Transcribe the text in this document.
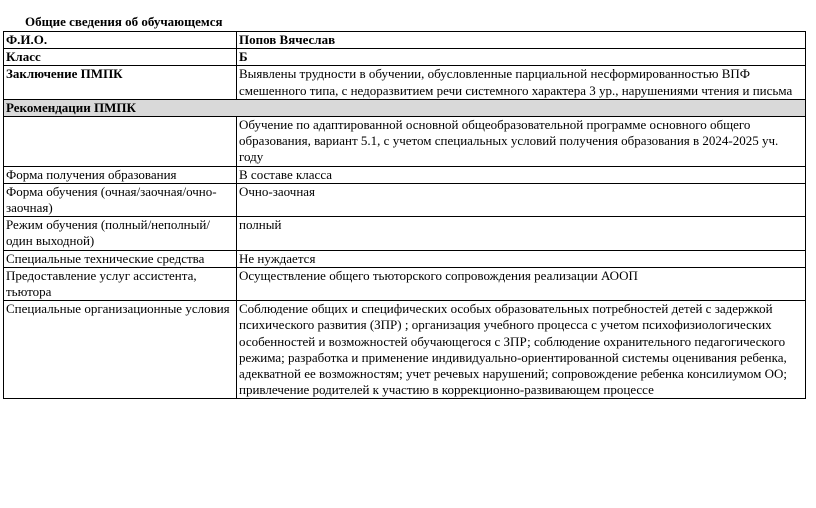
Общие сведения об обучающемся
Ф.И.О.	Попов Вячеслав
Класс	Б
Заключение ПМПК	Выявлены трудности в обучении, обусловленные парциальной несформированностью ВПФ смешенного типа, с недоразвитием речи системного характера 3 ур., нарушениями чтения и письма
Рекомендации ПМПК	
	Обучение по адаптированной основной общеобразовательной программе основного общего образования, вариант 5.1, с учетом специальных условий получения образования в 2024-2025 уч. году
Форма получения образования	В составе класса
Форма обучения (очная/заочная/очно-заочная)	Очно-заочная
Режим обучения (полный/неполный/один выходной)	полный
Специальные технические средства	Не нуждается
Предоставление услуг ассистента, тьютора	Осуществление общего тьюторского сопровождения реализации АООП
Специальные организационные условия	Соблюдение общих и специфических особых образовательных потребностей детей с задержкой психического развития (ЗПР) ; организация учебного процесса с учетом психофизиологических особенностей и возможностей обучающегося с ЗПР; соблюдение охранительного педагогического режима; разработка и применение индивидуально-ориентированной системы оценивания ребенка, адекватной ее возможностям; учет речевых нарушений; сопровождение ребенка консилиумом ОО; привлечение родителей к участию в коррекционно-развивающем процессе
